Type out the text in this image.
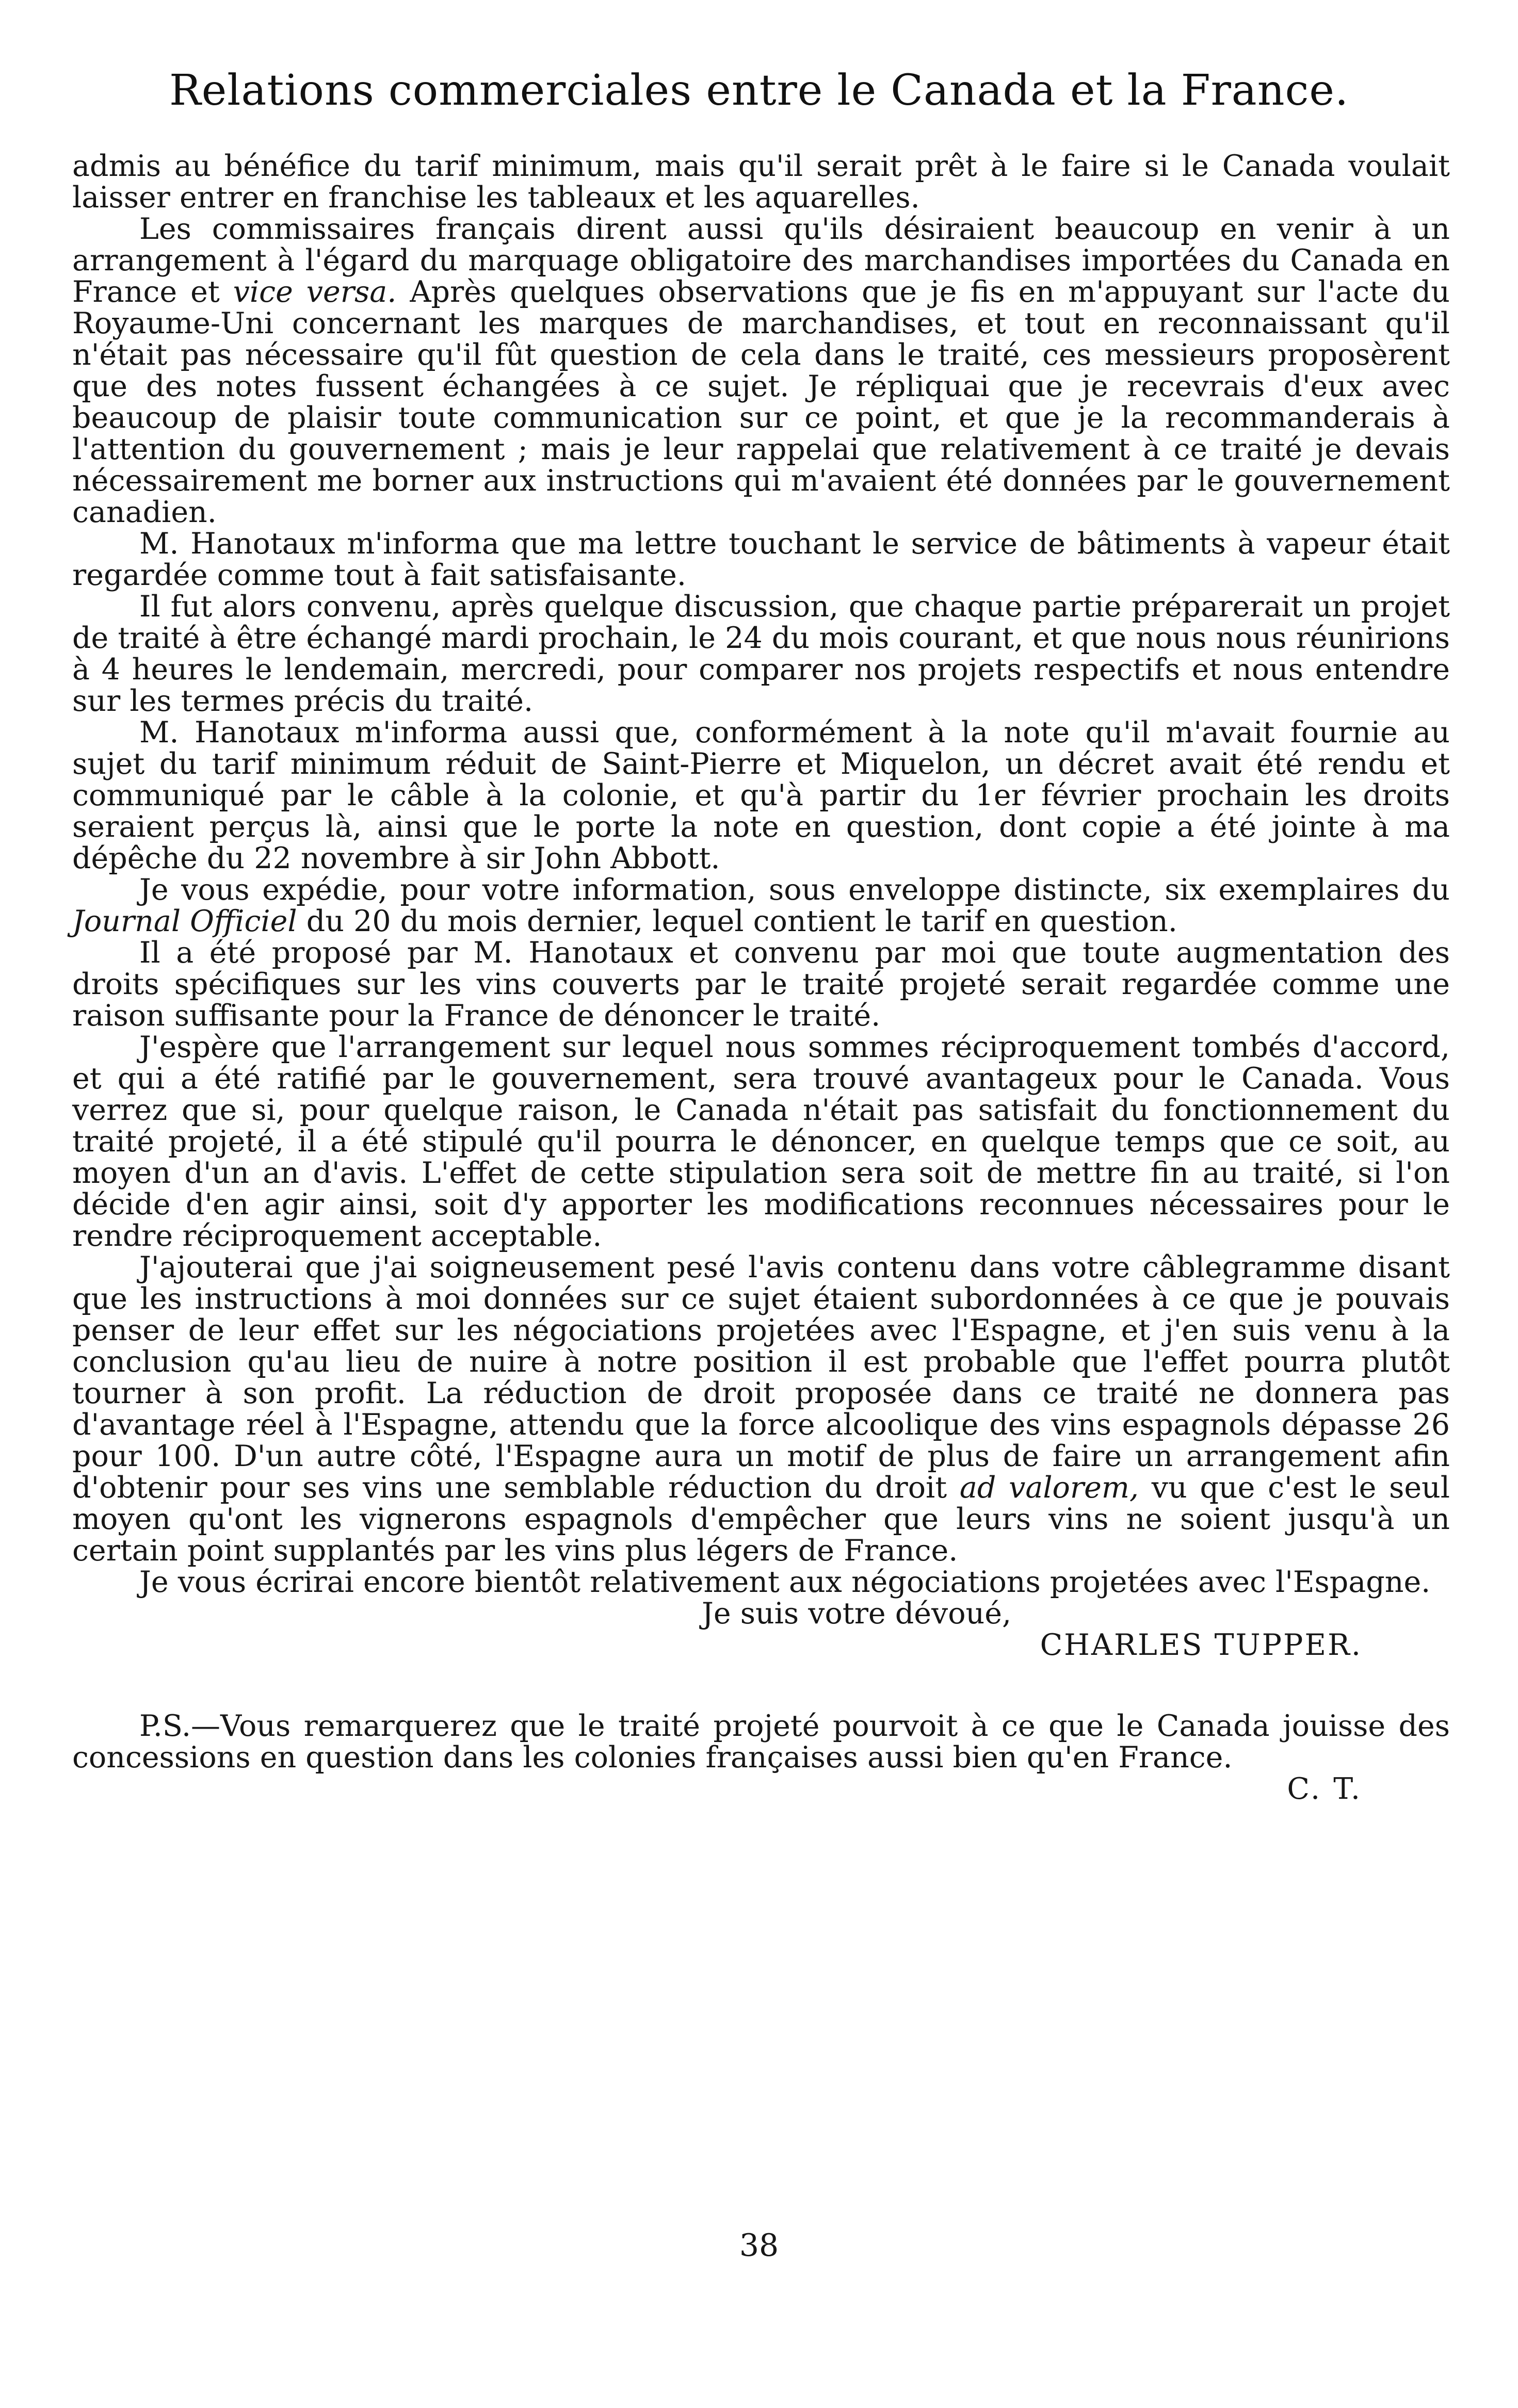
Relations commerciales entre le Canada et la France.

admis au bénéfice du tarif minimum, mais qu'il serait prêt à le faire si le Canada voulait laisser entrer en franchise les tableaux et les aquarelles.

Les commissaires français dirent aussi qu'ils désiraient beaucoup en venir à un arrangement à l'égard du marquage obligatoire des marchandises importées du Canada en France et vice versa. Après quelques observations que je fis en m'appuyant sur l'acte du Royaume-Uni concernant les marques de marchandises, et tout en reconnaissant qu'il n'était pas nécessaire qu'il fût question de cela dans le traité, ces messieurs proposèrent que des notes fussent échangées à ce sujet. Je répliquai que je recevrais d'eux avec beaucoup de plaisir toute communication sur ce point, et que je la recommanderais à l'attention du gouvernement ; mais je leur rappelai que relativement à ce traité je devais nécessairement me borner aux instructions qui m'avaient été données par le gouvernement canadien.

M. Hanotaux m'informa que ma lettre touchant le service de bâtiments à vapeur était regardée comme tout à fait satisfaisante.

Il fut alors convenu, après quelque discussion, que chaque partie préparerait un projet de traité à être échangé mardi prochain, le 24 du mois courant, et que nous nous réunirions à 4 heures le lendemain, mercredi, pour comparer nos projets respectifs et nous entendre sur les termes précis du traité.

M. Hanotaux m'informa aussi que, conformément à la note qu'il m'avait fournie au sujet du tarif minimum réduit de Saint-Pierre et Miquelon, un décret avait été rendu et communiqué par le câble à la colonie, et qu'à partir du 1er février prochain les droits seraient perçus là, ainsi que le porte la note en question, dont copie a été jointe à ma dépêche du 22 novembre à sir John Abbott.

Je vous expédie, pour votre information, sous enveloppe distincte, six exemplaires du Journal Officiel du 20 du mois dernier, lequel contient le tarif en question.

Il a été proposé par M. Hanotaux et convenu par moi que toute augmentation des droits spécifiques sur les vins couverts par le traité projeté serait regardée comme une raison suffisante pour la France de dénoncer le traité.

J'espère que l'arrangement sur lequel nous sommes réciproquement tombés d'accord, et qui a été ratifié par le gouvernement, sera trouvé avantageux pour le Canada. Vous verrez que si, pour quelque raison, le Canada n'était pas satisfait du fonctionnement du traité projeté, il a été stipulé qu'il pourra le dénoncer, en quelque temps que ce soit, au moyen d'un an d'avis. L'effet de cette stipulation sera soit de mettre fin au traité, si l'on décide d'en agir ainsi, soit d'y apporter les modifications reconnues nécessaires pour le rendre réciproquement acceptable.

J'ajouterai que j'ai soigneusement pesé l'avis contenu dans votre câblegramme disant que les instructions à moi données sur ce sujet étaient subordonnées à ce que je pouvais penser de leur effet sur les négociations projetées avec l'Espagne, et j'en suis venu à la conclusion qu'au lieu de nuire à notre position il est probable que l'effet pourra plutôt tourner à son profit. La réduction de droit proposée dans ce traité ne donnera pas d'avantage réel à l'Espagne, attendu que la force alcoolique des vins espagnols dépasse 26 pour 100. D'un autre côté, l'Espagne aura un motif de plus de faire un arrangement afin d'obtenir pour ses vins une semblable réduction du droit ad valorem, vu que c'est le seul moyen qu'ont les vignerons espagnols d'empêcher que leurs vins ne soient jusqu'à un certain point supplantés par les vins plus légers de France.

Je vous écrirai encore bientôt relativement aux négociations projetées avec l'Espagne.

Je suis votre dévoué,

CHARLES TUPPER.

P.S.—Vous remarquerez que le traité projeté pourvoit à ce que le Canada jouisse des concessions en question dans les colonies françaises aussi bien qu'en France.

C. T.

38
